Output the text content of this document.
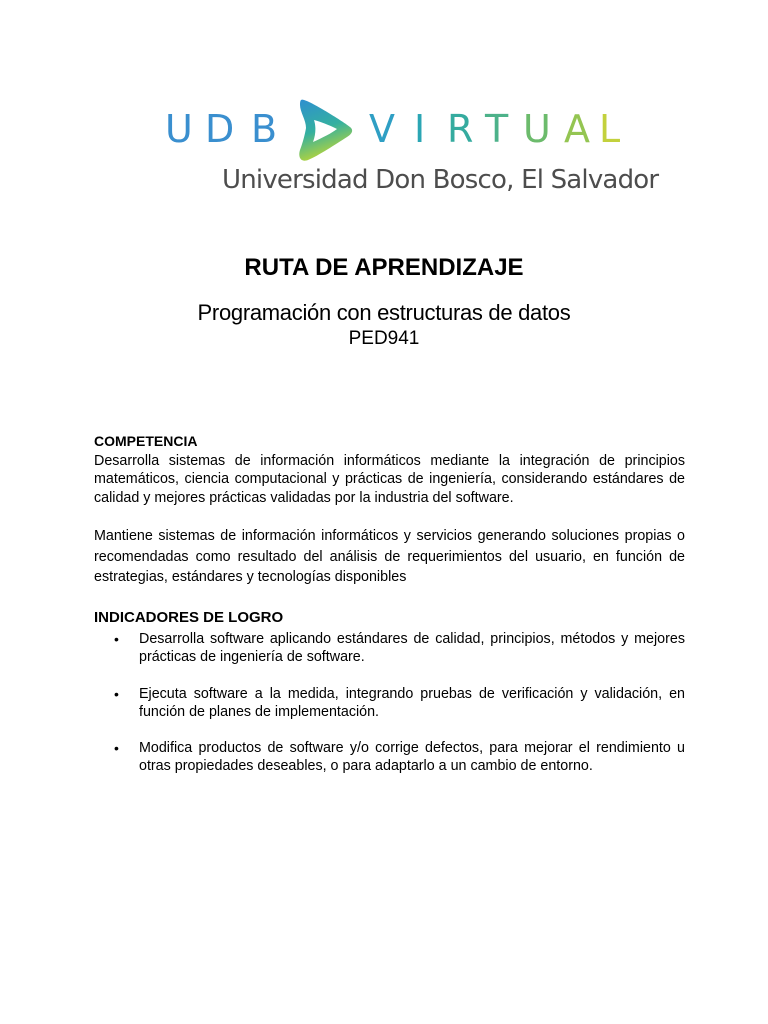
U D B V I R T U A L
Universidad Don Bosco, El Salvador
RUTA DE APRENDIZAJE
Programación con estructuras de datos
PED941
COMPETENCIA
Desarrolla sistemas de información informáticos mediante la integración de principios matemáticos, ciencia computacional y prácticas de ingeniería, considerando estándares de calidad y mejores prácticas validadas por la industria del software.
Mantiene sistemas de información informáticos y servicios generando soluciones propias o recomendadas como resultado del análisis de requerimientos del usuario, en función de estrategias, estándares y tecnologías disponibles
INDICADORES DE LOGRO
• Desarrolla software aplicando estándares de calidad, principios, métodos y mejores prácticas de ingeniería de software.
• Ejecuta software a la medida, integrando pruebas de verificación y validación, en función de planes de implementación.
• Modifica productos de software y/o corrige defectos, para mejorar el rendimiento u otras propiedades deseables, o para adaptarlo a un cambio de entorno.
